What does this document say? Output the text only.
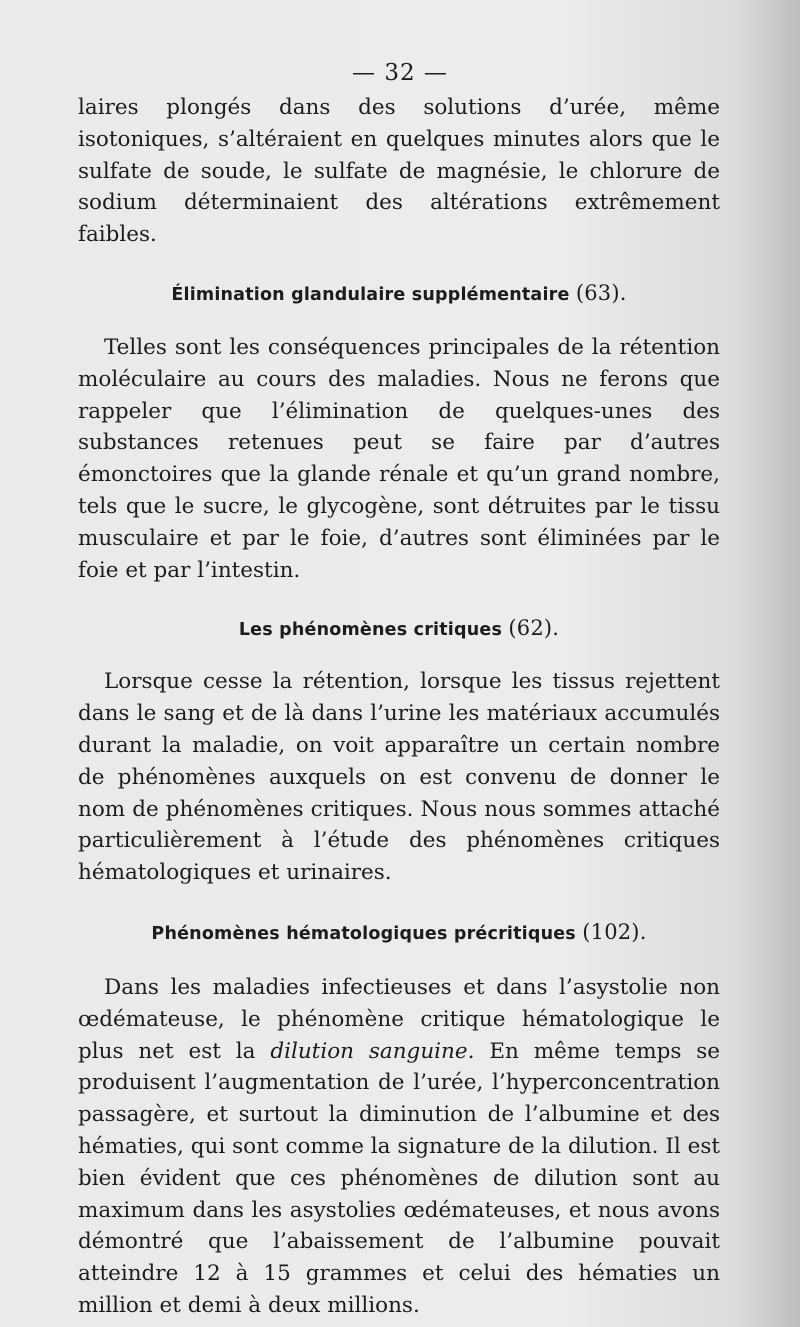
— 32 —

laires plongés dans des solutions d’urée, même isotoniques, s’altéraient en quelques minutes alors que le sulfate de soude, le sulfate de magnésie, le chlorure de sodium déterminaient des altérations extrêmement faibles.

Élimination glandulaire supplémentaire (63).

Telles sont les conséquences principales de la rétention moléculaire au cours des maladies. Nous ne ferons que rappeler que l’élimination de quelques-unes des substances retenues peut se faire par d’autres émonctoires que la glande rénale et qu’un grand nombre, tels que le sucre, le glycogène, sont détruites par le tissu musculaire et par le foie, d’autres sont éliminées par le foie et par l’intestin.

Les phénomènes critiques (62).

Lorsque cesse la rétention, lorsque les tissus rejettent dans le sang et de là dans l’urine les matériaux accumulés durant la maladie, on voit apparaître un certain nombre de phénomènes auxquels on est convenu de donner le nom de phénomènes critiques. Nous nous sommes attaché particulièrement à l’étude des phénomènes critiques hématologiques et urinaires.

Phénomènes hématologiques précritiques (102).

Dans les maladies infectieuses et dans l’asystolie non œdémateuse, le phénomène critique hématologique le plus net est la dilution sanguine. En même temps se produisent l’augmentation de l’urée, l’hyperconcentration passagère, et surtout la diminution de l’albumine et des hématies, qui sont comme la signature de la dilution. Il est bien évident que ces phénomènes de dilution sont au maximum dans les asystolies œdémateuses, et nous avons démontré que l’abaissement de l’albumine pouvait atteindre 12 à 15 grammes et celui des hématies un million et demi à deux millions.
